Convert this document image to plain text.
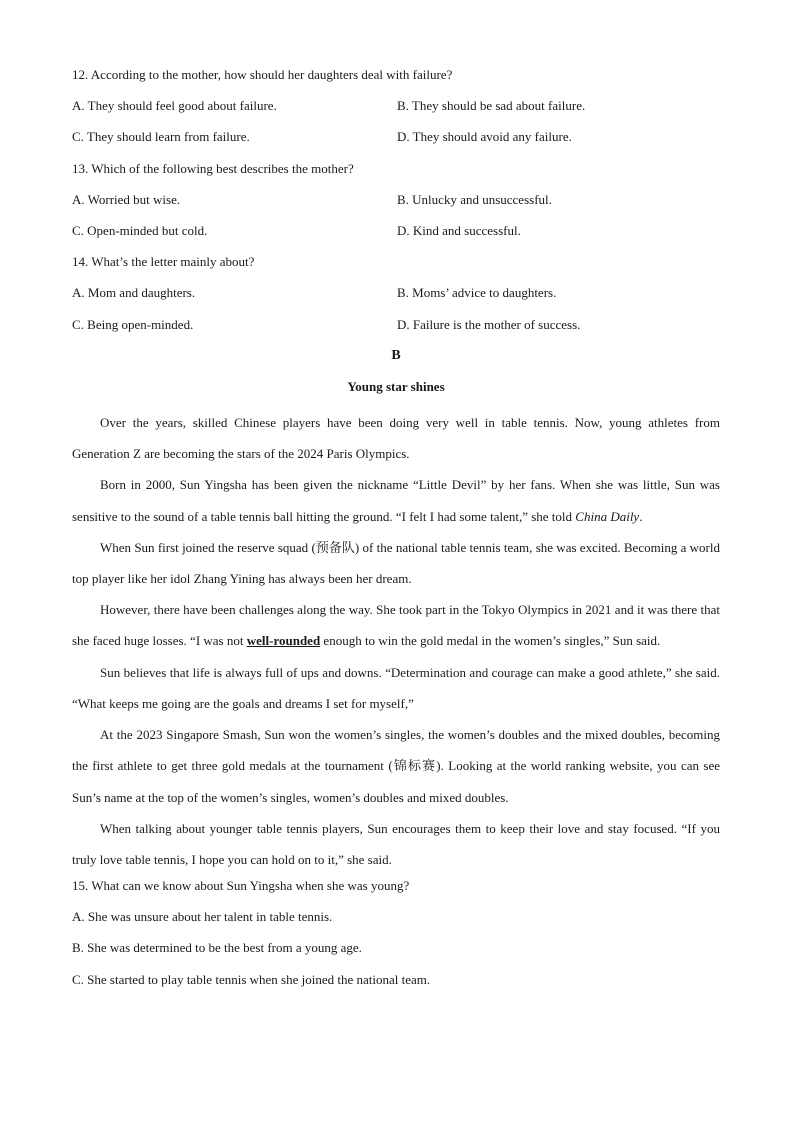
12. According to the mother, how should her daughters deal with failure?
A. They should feel good about failure.	B. They should be sad about failure.
C. They should learn from failure.	D. They should avoid any failure.
13. Which of the following best describes the mother?
A. Worried but wise.	B. Unlucky and unsuccessful.
C. Open-minded but cold.	D. Kind and successful.
14. What’s the letter mainly about?
A. Mom and daughters.	B. Moms’ advice to daughters.
C. Being open-minded.	D. Failure is the mother of success.
B
Young star shines

Over the years, skilled Chinese players have been doing very well in table tennis. Now, young athletes from Generation Z are becoming the stars of the 2024 Paris Olympics.

Born in 2000, Sun Yingsha has been given the nickname “Little Devil” by her fans. When she was little, Sun was sensitive to the sound of a table tennis ball hitting the ground. “I felt I had some talent,” she told China Daily.

When Sun first joined the reserve squad (预备队) of the national table tennis team, she was excited. Becoming a world top player like her idol Zhang Yining has always been her dream.

However, there have been challenges along the way. She took part in the Tokyo Olympics in 2021 and it was there that she faced huge losses. “I was not well-rounded enough to win the gold medal in the women’s singles,” Sun said.

Sun believes that life is always full of ups and downs. “Determination and courage can make a good athlete,” she said. “What keeps me going are the goals and dreams I set for myself,”

At the 2023 Singapore Smash, Sun won the women’s singles, the women’s doubles and the mixed doubles, becoming the first athlete to get three gold medals at the tournament (锦标赛). Looking at the world ranking website, you can see Sun’s name at the top of the women’s singles, women’s doubles and mixed doubles.

When talking about younger table tennis players, Sun encourages them to keep their love and stay focused. “If you truly love table tennis, I hope you can hold on to it,” she said.

15. What can we know about Sun Yingsha when she was young?
A. She was unsure about her talent in table tennis.
B. She was determined to be the best from a young age.
C. She started to play table tennis when she joined the national team.
